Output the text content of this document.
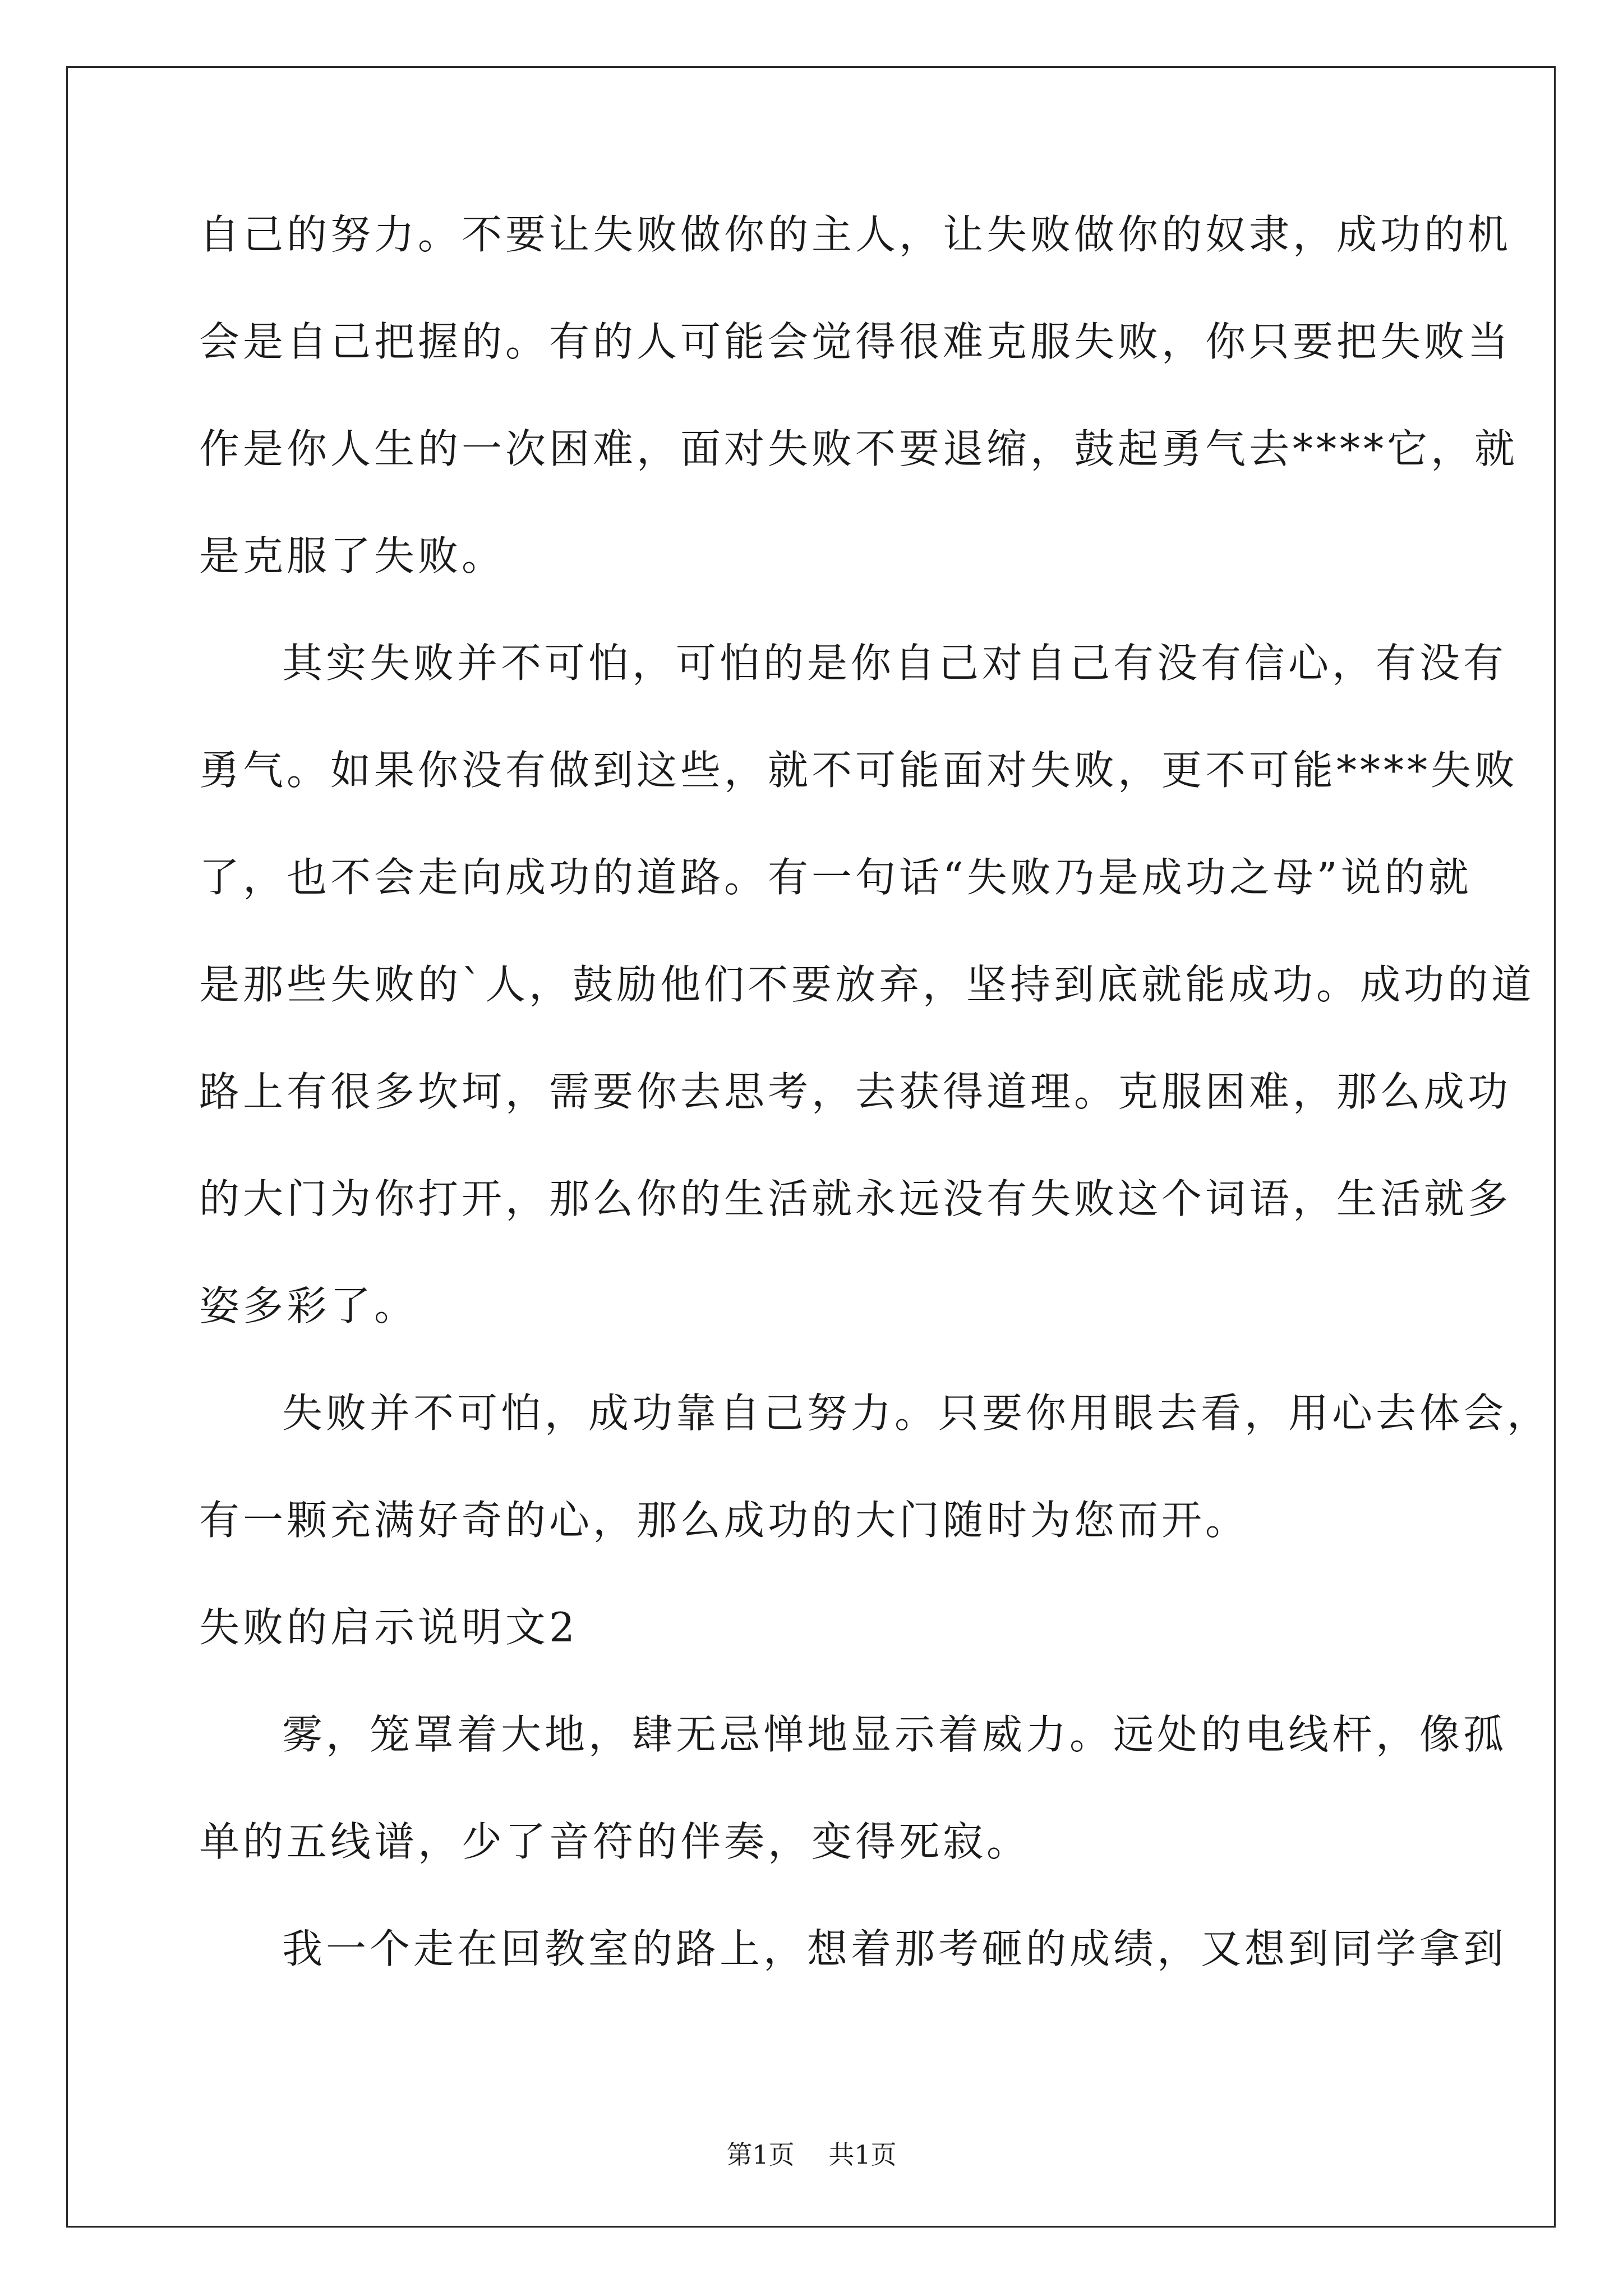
自己的努力。不要让失败做你的主人，让失败做你的奴隶，成功的机
会是自己把握的。有的人可能会觉得很难克服失败，你只要把失败当
作是你人生的一次困难，面对失败不要退缩，鼓起勇气去****它，就
是克服了失败。
其实失败并不可怕，可怕的是你自己对自己有没有信心，有没有
勇气。如果你没有做到这些，就不可能面对失败，更不可能****失败
了，也不会走向成功的道路。有一句话“失败乃是成功之母”说的就
是那些失败的`人，鼓励他们不要放弃，坚持到底就能成功。成功的道
路上有很多坎坷，需要你去思考，去获得道理。克服困难，那么成功
的大门为你打开，那么你的生活就永远没有失败这个词语，生活就多
姿多彩了。
失败并不可怕，成功靠自己努力。只要你用眼去看，用心去体会，
有一颗充满好奇的心，那么成功的大门随时为您而开。
失败的启示说明文2
雾，笼罩着大地，肆无忌惮地显示着威力。远处的电线杆，像孤
单的五线谱，少了音符的伴奏，变得死寂。
我一个走在回教室的路上，想着那考砸的成绩，又想到同学拿到
第1页 共1页
